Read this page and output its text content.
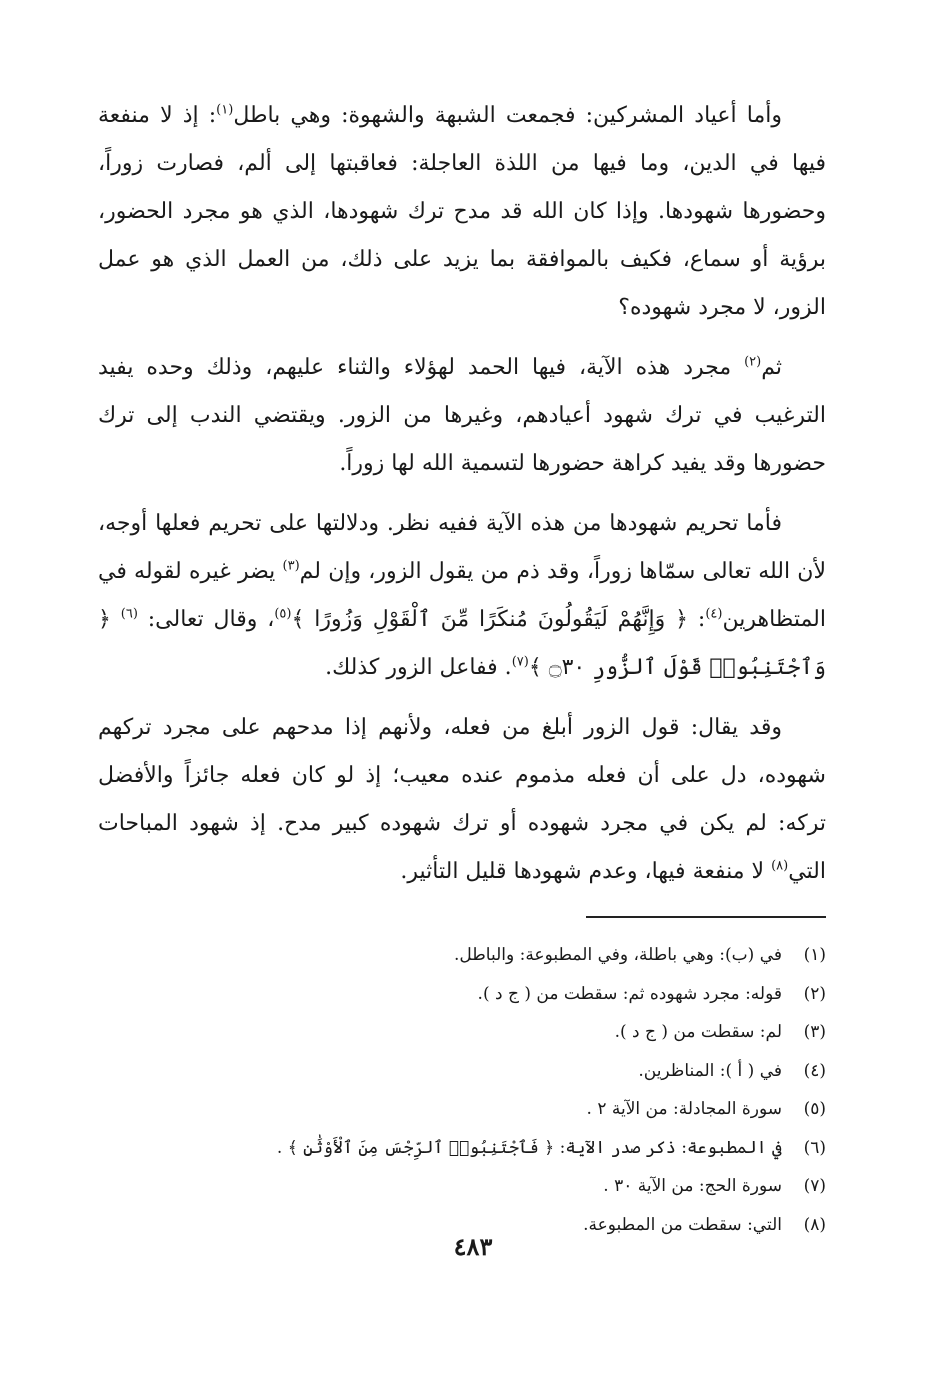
وأما أعياد المشركين: فجمعت الشبهة والشهوة: وهي باطل$^{(١)}$: إذ لا منفعة فيها في الدين، وما فيها من اللذة العاجلة: فعاقبتها إلى ألم، فصارت زوراً، وحضورها شهودها. وإذا كان الله قد مدح ترك شهودها، الذي هو مجرد الحضور، برؤية أو سماع، فكيف بالموافقة بما يزيد على ذلك، من العمل الذي هو عمل الزور، لا مجرد شهوده؟

ثم$^{(٢)}$ مجرد هذه الآية، فيها الحمد لهؤلاء والثناء عليهم، وذلك وحده يفيد الترغيب في ترك شهود أعيادهم، وغيرها من الزور. ويقتضي الندب إلى ترك حضورها وقد يفيد كراهة حضورها لتسمية الله لها زوراً.

فأما تحريم شهودها من هذه الآية ففيه نظر. ودلالتها على تحريم فعلها أوجه، لأن الله تعالى سمّاها زوراً، وقد ذم من يقول الزور، وإن لم$^{(٣)}$ يضر غيره لقوله في المتظاهرين$^{(٤)}$: ﴿ وَإِنَّهُمْ لَيَقُولُونَ مُنكَرًا مِّنَ ٱلْقَوْلِ وَزُورًا ﴾$^{(٥)}$، وقال تعالى: $^{(٦)}$ ﴿ وَٱجْتَنِبُوا۟ قَوْلَ ٱلزُّورِ ۝٣٠ ﴾$^{(٧)}$. ففاعل الزور كذلك.

وقد يقال: قول الزور أبلغ من فعله، ولأنهم إذا مدحهم على مجرد تركهم شهوده، دل على أن فعله مذموم عنده معيب؛ إذ لو كان فعله جائزاً والأفضل تركه: لم يكن في مجرد شهوده أو ترك شهوده كبير مدح. إذ شهود المباحات التي$^{(٨)}$ لا منفعة فيها، وعدم شهودها قليل التأثير.

(١)في (ب): وهي باطلة، وفي المطبوعة: والباطل.
(٢)قوله: مجرد شهوده ثم: سقطت من ( ج د ).
(٣)لم: سقطت من ( ج د ).
(٤)في ( أ ): المناظرين.
(٥)سورة المجادلة: من الآية ٢ .
(٦)في المطبوعة: ذكر صدر الآية: ﴿ فَٱجْتَنِبُوا۟ ٱلرِّجْسَ مِنَ ٱلْأَوْثَٰنِ ﴾ .
(٧)سورة الحج: من الآية ٣٠ .
(٨)التي: سقطت من المطبوعة.
٤٨٣
